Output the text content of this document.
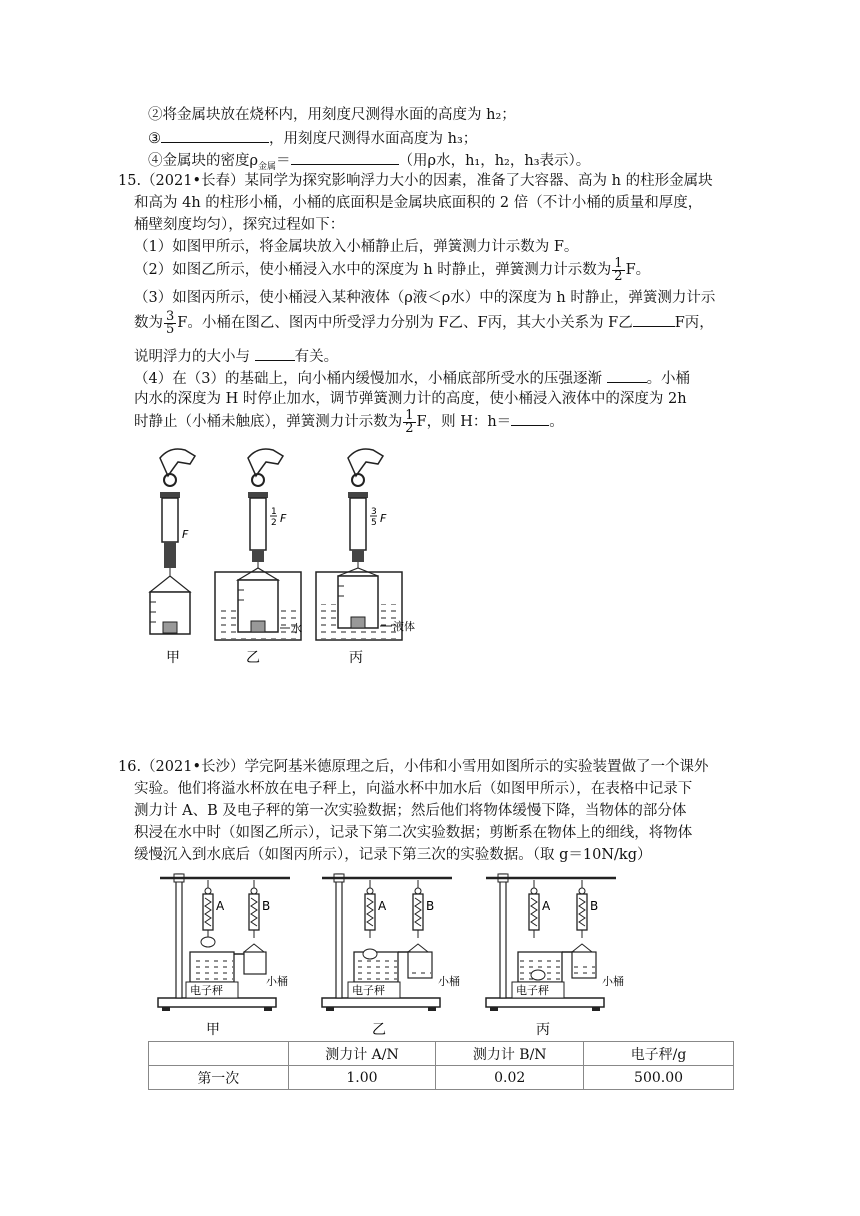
②将金属块放在烧杯内，用刻度尺测得水面的高度为 h₂；
③	，用刻度尺测得水面高度为 h₃；
④金属块的密度$\rho_{金属}=$	（用ρ水，h₁，h₂，h₃表示）。
15.（2021•长春）某同学为探究影响浮力大小的因素，准备了大容器、高为 h 的柱形金属块
和高为 4h 的柱形小桶，小桶的底面积是金属块底面积的 2 倍（不计小桶的质量和厚度，
桶壁刻度均匀），探究过程如下：
（1）如图甲所示，将金属块放入小桶静止后，弹簧测力计示数为 F。
（2）如图乙所示，使小桶浸入水中的深度为 h 时静止，弹簧测力计示数为 $\frac{1}{2}$ F。
（3）如图丙所示，使小桶浸入某种液体（ρ液＜ρ水）中的深度为 h 时静止，弹簧测力计示
数为 $\frac{3}{5}$ F。小桶在图乙、图丙中所受浮力分别为 F乙、F丙，其大小关系为 F乙	F丙，
说明浮力的大小与	有关。
（4）在（3）的基础上，向小桶内缓慢加水，小桶底部所受水的压强逐渐	。小桶
内水的深度为 H 时停止加水，调节弹簧测力计的高度，使小桶浸入液体中的深度为 2h
时静止（小桶未触底），弹簧测力计示数为 $\frac{1}{2}$ F，则 H：h＝	。
F
甲
1
2 F
水
乙
3
5 F
液体
丙
16.（2021•长沙）学完阿基米德原理之后，小伟和小雪用如图所示的实验装置做了一个课外
实验。他们将溢水杯放在电子秤上，向溢水杯中加水后（如图甲所示），在表格中记录下
测力计 A、B 及电子秤的第一次实验数据；然后他们将物体缓慢下降，当物体的部分体
积浸在水中时（如图乙所示），记录下第二次实验数据；剪断系在物体上的细线，将物体
缓慢沉入到水底后（如图丙所示），记录下第三次的实验数据。（取 g＝10N/kg）
A	B
小桶
电子秤
甲
A	B
小桶
电子秤
乙
A	B
小桶
电子秤
丙
	测力计 A/N	测力计 B/N	电子秤/g
第一次	1.00	0.02	500.00
